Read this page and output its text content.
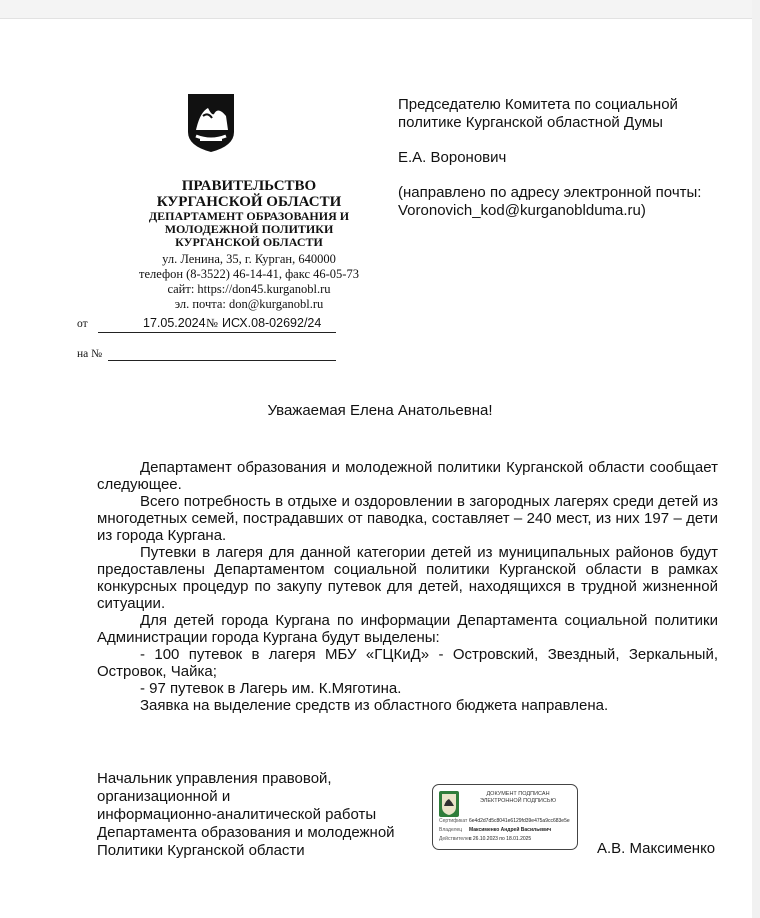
ПРАВИТЕЛЬСТВО
КУРГАНСКОЙ ОБЛАСТИ
ДЕПАРТАМЕНТ ОБРАЗОВАНИЯ И
МОЛОДЕЖНОЙ ПОЛИТИКИ
КУРГАНСКОЙ ОБЛАСТИ
ул. Ленина, 35, г. Курган, 640000
телефон (8-3522) 46-14-41, факс 46-05-73
сайт: https://don45.kurganobl.ru
эл. почта: don@kurganobl.ru
от	17.05.2024 № ИСХ.08-02692/24
на №

Председателю Комитета по социальной

политике Курганской областной Думы

Е.А. Воронович

(направлено по адресу электронной почты:

Voronovich_kod@kurganobld​uma.ru)

Уважаемая Елена Анатольевна!

Департамент образования и молодежной политики Курганской области сообщает следующее.

Всего потребность в отдыхе и оздоровлении в загородных лагерях среди детей из многодетных семей, пострадавших от паводка, составляет – 240 мест, из них 197 – дети из города Кургана.

Путевки в лагеря для данной категории детей из муниципальных районов будут предоставлены Департаментом социальной политики Курганской области в рамках конкурсных процедур по закупу путевок для детей, находящихся в трудной жизненной ситуации.

Для детей города Кургана по информации Департамента социальной политики Администрации города Кургана будут выделены:

- 100 путевок в лагеря МБУ «ГЦКиД» - Островский, Звездный, Зеркальный, Островок, Чайка;

- 97 путевок в Лагерь им. К.Мяготина.

Заявка на выделение средств из областного бюджета направлена.

Начальник управления правовой,
организационной и
информационно-аналитической работы
Департамента образования и молодежной
Политики Курганской области
ДОКУМЕНТ ПОДПИСАН
ЭЛЕКТРОННОЙ ПОДПИСЬЮ
Сертификат 6e4d2d7d5c8041e6129fd39e475a9cc683e5e
Владелец Максименко Андрей Васильевич
Действителенс 26.10.2023 по 18.01.2025
А.В. Максименко
